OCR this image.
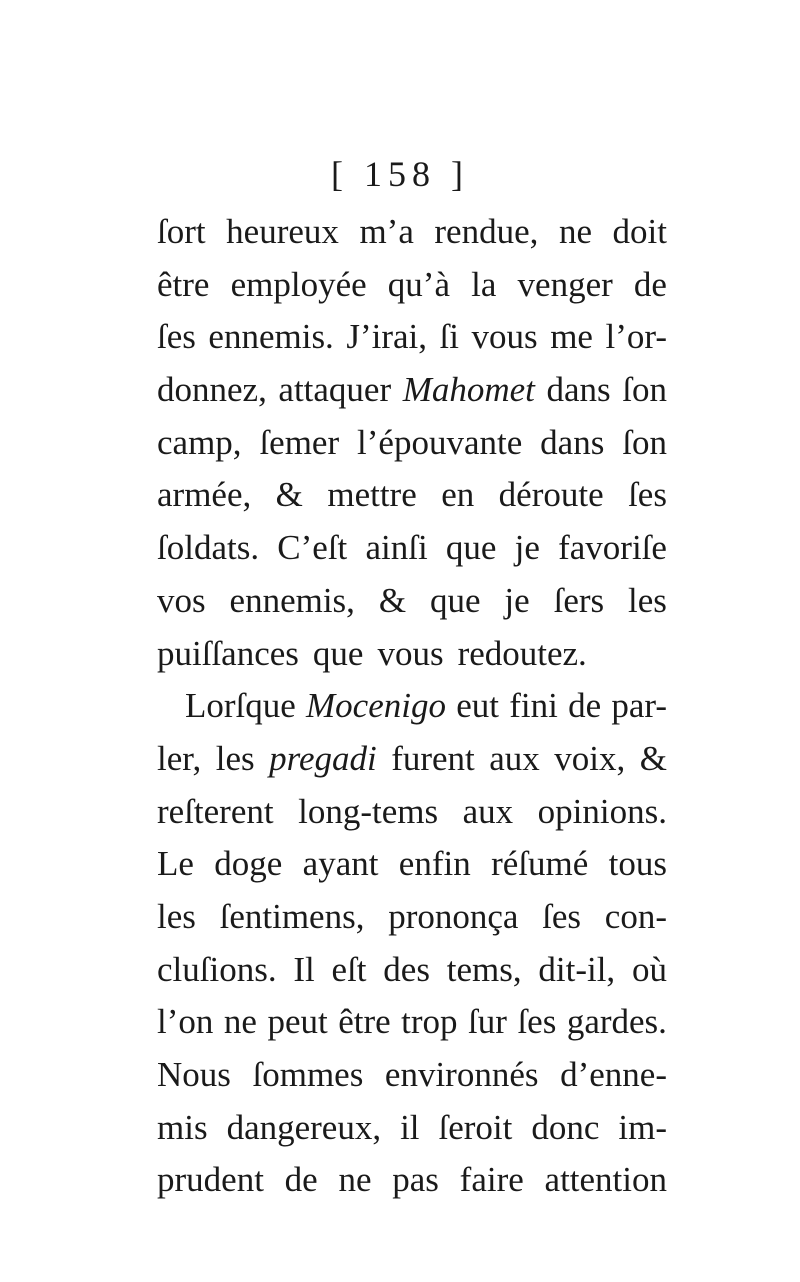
[ 158 ]
ſort heureux m’a rendue, ne doit
être employée qu’à la venger de
ſes ennemis. J’irai, ſi vous me l’or-
donnez, attaquer Mahomet dans ſon
camp, ſemer l’épouvante dans ſon
armée, & mettre en déroute ſes
ſoldats. C’eſt ainſi que je favoriſe
vos ennemis, & que je ſers les
puiſſances que vous redoutez.
Lorſque Mocenigo eut fini de par-
ler, les pregadi furent aux voix, &
reſterent long-tems aux opinions.
Le doge ayant enfin réſumé tous
les ſentimens, prononça ſes con-
cluſions. Il eſt des tems, dit-il, où
l’on ne peut être trop ſur ſes gardes.
Nous ſommes environnés d’enne-
mis dangereux, il ſeroit donc im-
prudent de ne pas faire attention
